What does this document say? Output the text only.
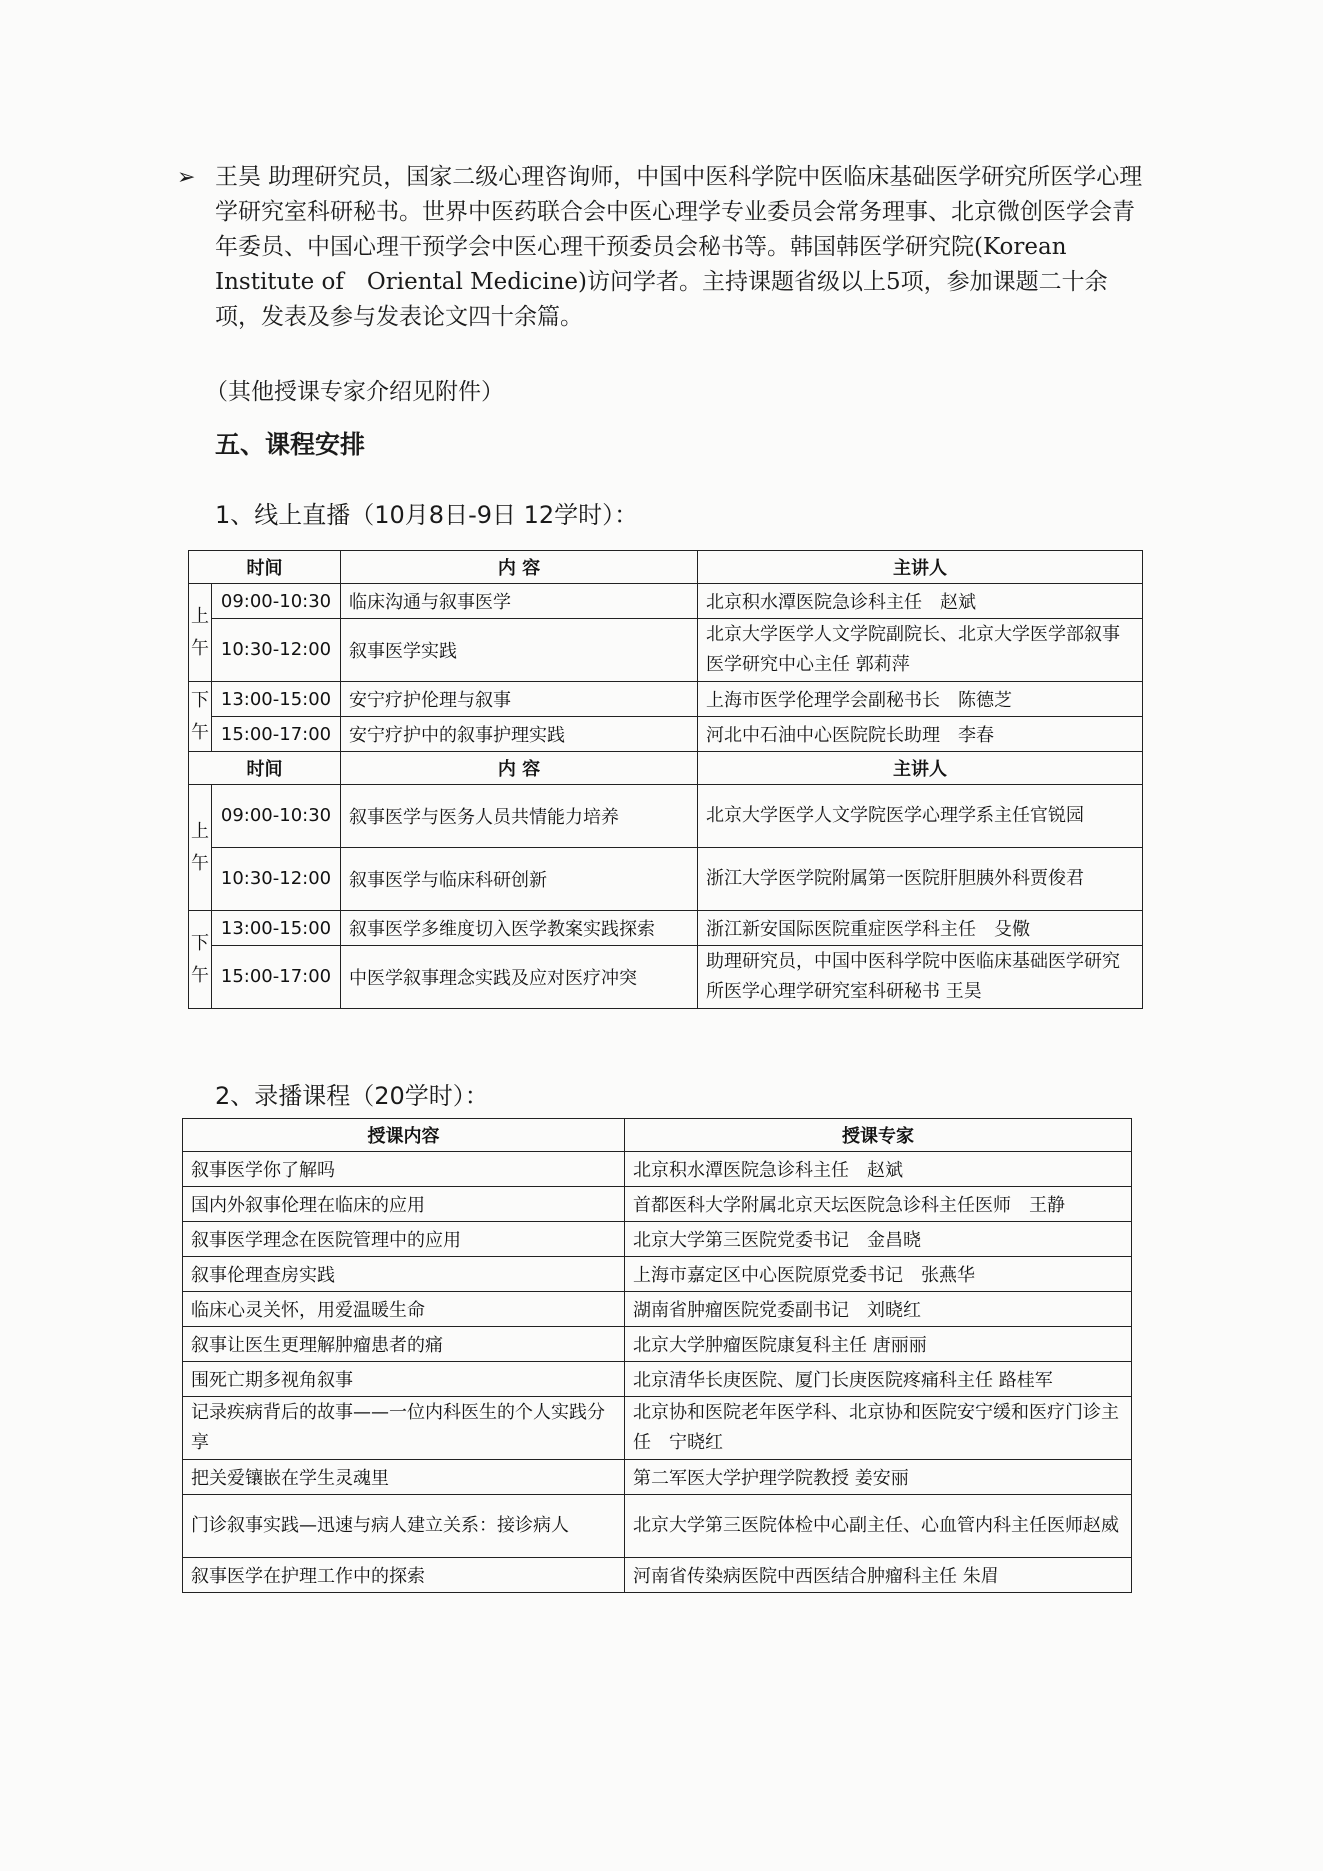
➢ 王昊 助理研究员，国家二级心理咨询师，中国中医科学院中医临床基础医学研究所医学心理学研究室科研秘书。世界中医药联合会中医心理学专业委员会常务理事、北京微创医学会青年委员、中国心理干预学会中医心理干预委员会秘书等。韩国韩医学研究院(Korean Institute of　Oriental Medicine)访问学者。主持课题省级以上5项，参加课题二十余项，发表及参与发表论文四十余篇。

（其他授课专家介绍见附件）
五、课程安排
1、线上直播（10月8日-9日 12学时）：
时间		内 容	主讲人
上
午	09:00-10:30	临床沟通与叙事医学	北京积水潭医院急诊科主任　赵斌
	10:30-12:00	叙事医学实践	北京大学医学人文学院副院长、北京大学医学部叙事医学研究中心主任 郭莉萍
下
午	13:00-15:00	安宁疗护伦理与叙事	上海市医学伦理学会副秘书长　陈德芝
	15:00-17:00	安宁疗护中的叙事护理实践	河北中石油中心医院院长助理　李春
时间		内 容	主讲人
上
午	09:00-10:30	叙事医学与医务人员共情能力培养	北京大学医学人文学院医学心理学系主任官锐园
	10:30-12:00	叙事医学与临床科研创新	浙江大学医学院附属第一医院肝胆胰外科贾俊君
下
午	13:00-15:00	叙事医学多维度切入医学教案实践探索	浙江新安国际医院重症医学科主任　殳儆
	15:00-17:00	中医学叙事理念实践及应对医疗冲突	助理研究员，中国中医科学院中医临床基础医学研究所医学心理学研究室科研秘书 王昊
2、录播课程（20学时）：
授课内容	授课专家
叙事医学你了解吗	北京积水潭医院急诊科主任　赵斌
国内外叙事伦理在临床的应用	首都医科大学附属北京天坛医院急诊科主任医师　王静
叙事医学理念在医院管理中的应用	北京大学第三医院党委书记　金昌晓
叙事伦理查房实践	上海市嘉定区中心医院原党委书记　张燕华
临床心灵关怀，用爱温暖生命	湖南省肿瘤医院党委副书记　刘晓红
叙事让医生更理解肿瘤患者的痛	北京大学肿瘤医院康复科主任 唐丽丽
围死亡期多视角叙事	北京清华长庚医院、厦门长庚医院疼痛科主任 路桂军
记录疾病背后的故事——一位内科医生的个人实践分享	北京协和医院老年医学科、北京协和医院安宁缓和医疗门诊主任　宁晓红
把关爱镶嵌在学生灵魂里	第二军医大学护理学院教授 姜安丽
门诊叙事实践—迅速与病人建立关系：接诊病人	北京大学第三医院体检中心副主任、心血管内科主任医师赵威
叙事医学在护理工作中的探索	河南省传染病医院中西医结合肿瘤科主任 朱眉
